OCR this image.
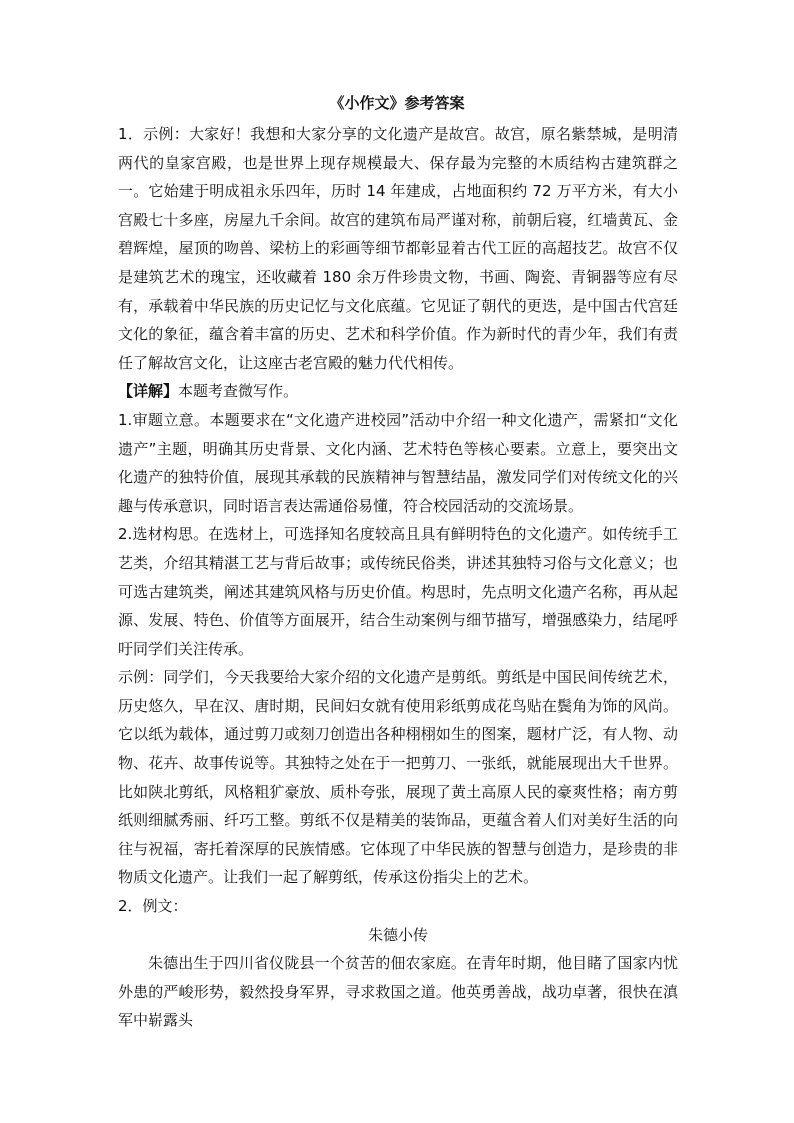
《小作文》参考答案

1．示例：大家好！我想和大家分享的文化遗产是故宫。故宫，原名紫禁城，是明清两代的皇家宫殿，也是世界上现存规模最大、保存最为完整的木质结构古建筑群之一。它始建于明成祖永乐四年，历时 14 年建成，占地面积约 72 万平方米，有大小宫殿七十多座，房屋九千余间。故宫的建筑布局严谨对称，前朝后寝，红墙黄瓦、金碧辉煌，屋顶的吻兽、梁枋上的彩画等细节都彰显着古代工匠的高超技艺。故宫不仅是建筑艺术的瑰宝，还收藏着 180 余万件珍贵文物，书画、陶瓷、青铜器等应有尽有，承载着中华民族的历史记忆与文化底蕴。它见证了朝代的更迭，是中国古代宫廷文化的象征，蕴含着丰富的历史、艺术和科学价值。作为新时代的青少年，我们有责任了解故宫文化，让这座古老宫殿的魅力代代相传。

【详解】本题考查微写作。

1.审题立意。本题要求在“文化遗产进校园”活动中介绍一种文化遗产，需紧扣“文化遗产”主题，明确其历史背景、文化内涵、艺术特色等核心要素。立意上，要突出文化遗产的独特价值，展现其承载的民族精神与智慧结晶，激发同学们对传统文化的兴趣与传承意识，同时语言表达需通俗易懂，符合校园活动的交流场景。

2.选材构思。在选材上，可选择知名度较高且具有鲜明特色的文化遗产。如传统手工艺类，介绍其精湛工艺与背后故事；或传统民俗类，讲述其独特习俗与文化意义；也可选古建筑类，阐述其建筑风格与历史价值。构思时，先点明文化遗产名称，再从起源、发展、特色、价值等方面展开，结合生动案例与细节描写，增强感染力，结尾呼吁同学们关注传承。

示例：同学们，今天我要给大家介绍的文化遗产是剪纸。剪纸是中国民间传统艺术，历史悠久，早在汉、唐时期，民间妇女就有使用彩纸剪成花鸟贴在鬓角为饰的风尚。它以纸为载体，通过剪刀或刻刀创造出各种栩栩如生的图案，题材广泛，有人物、动物、花卉、故事传说等。其独特之处在于一把剪刀、一张纸，就能展现出大千世界。比如陕北剪纸，风格粗犷豪放、质朴夸张，展现了黄土高原人民的豪爽性格；南方剪纸则细腻秀丽、纤巧工整。剪纸不仅是精美的装饰品，更蕴含着人们对美好生活的向往与祝福，寄托着深厚的民族情感。它体现了中华民族的智慧与创造力，是珍贵的非物质文化遗产。让我们一起了解剪纸，传承这份指尖上的艺术。

2．例文：

朱德小传

朱德出生于四川省仪陇县一个贫苦的佃农家庭。在青年时期，他目睹了国家内忧外患的严峻形势，毅然投身军界，寻求救国之道。他英勇善战，战功卓著，很快在滇军中崭露头
